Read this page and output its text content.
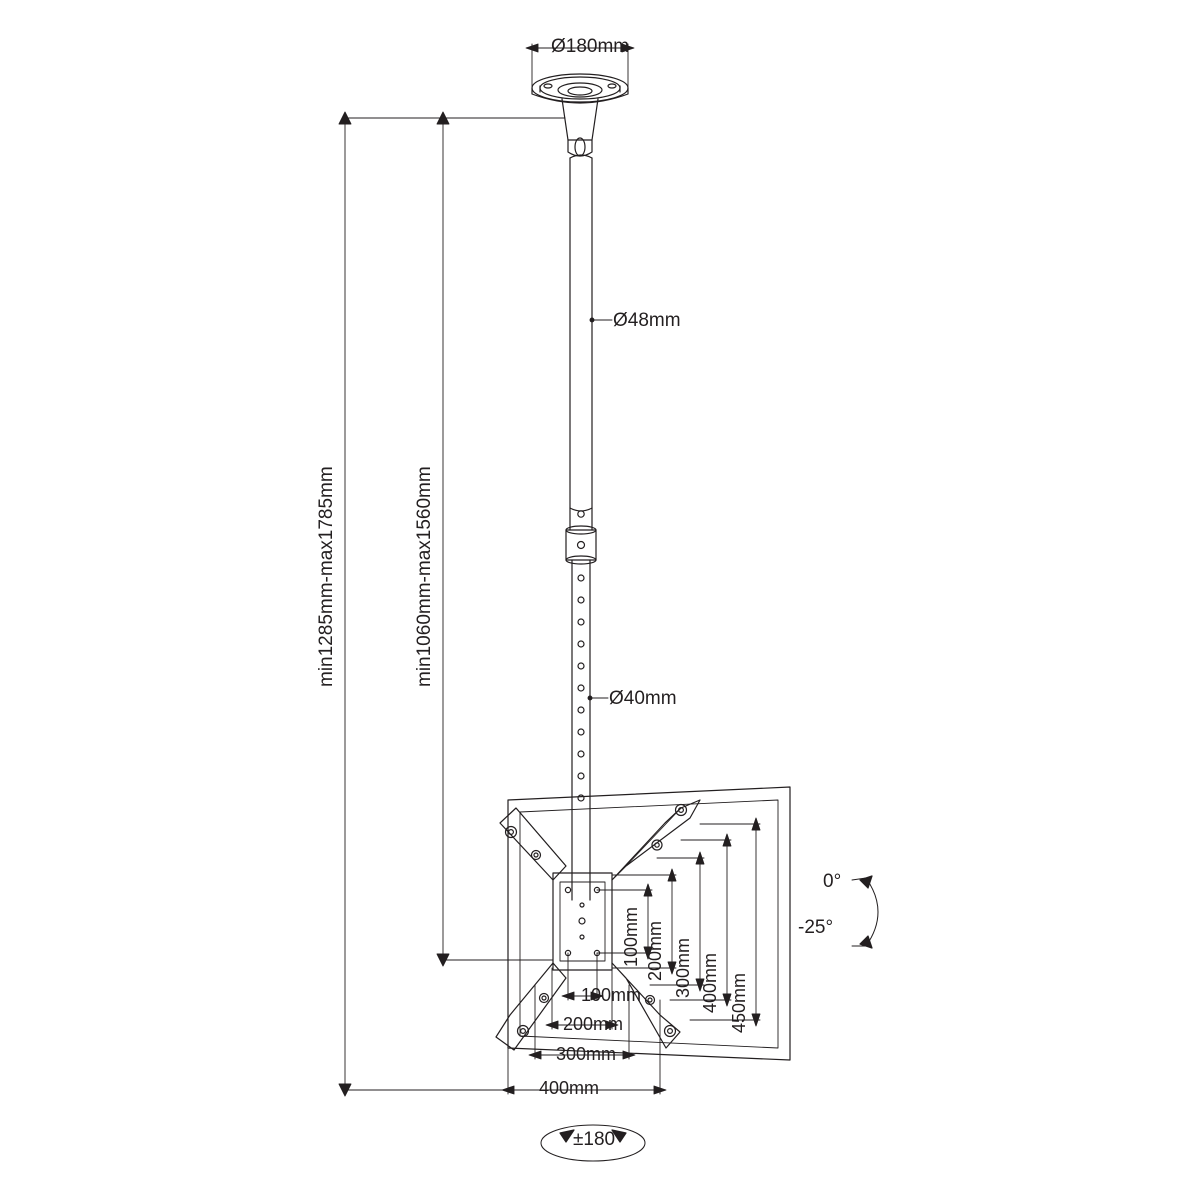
Ø180mm
Ø48mm
Ø40mm
min1285mm-max1785mm	min1060mm-max1560mm
100mm 200mm 300mm 400mm 450mm
100mm
200mm
300mm
400mm
0°
-25°
±180°
